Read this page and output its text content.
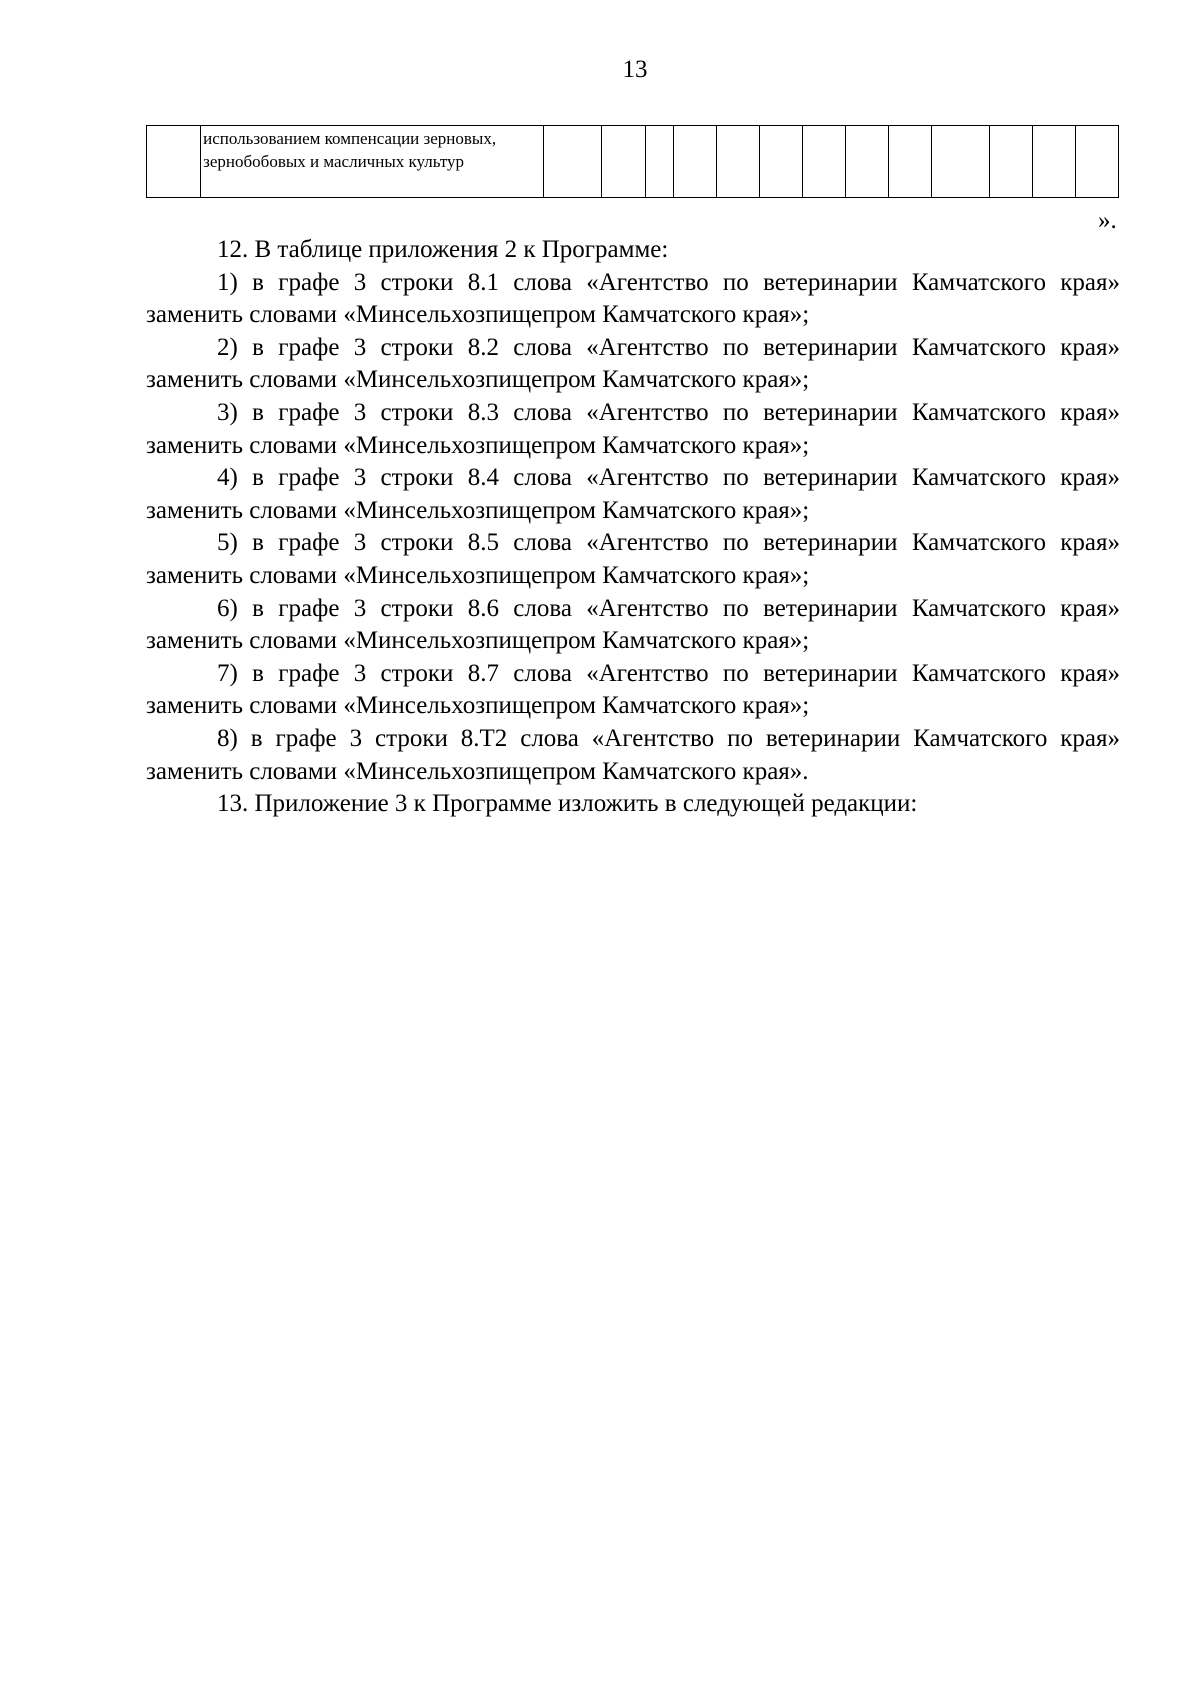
13
	использованием компенсации зерновых, зернобобовых и масличных культур													
».

12. В таблице приложения 2 к Программе:

1) в графе 3 строки 8.1 слова «Агентство по ветеринарии Камчатского края» заменить словами «Минсельхозпищепром Камчатского края»;

2) в графе 3 строки 8.2 слова «Агентство по ветеринарии Камчатского края» заменить словами «Минсельхозпищепром Камчатского края»;

3) в графе 3 строки 8.3 слова «Агентство по ветеринарии Камчатского края» заменить словами «Минсельхозпищепром Камчатского края»;

4) в графе 3 строки 8.4 слова «Агентство по ветеринарии Камчатского края» заменить словами «Минсельхозпищепром Камчатского края»;

5) в графе 3 строки 8.5 слова «Агентство по ветеринарии Камчатского края» заменить словами «Минсельхозпищепром Камчатского края»;

6) в графе 3 строки 8.6 слова «Агентство по ветеринарии Камчатского края» заменить словами «Минсельхозпищепром Камчатского края»;

7) в графе 3 строки 8.7 слова «Агентство по ветеринарии Камчатского края» заменить словами «Минсельхозпищепром Камчатского края»;

8) в графе 3 строки 8.Т2 слова «Агентство по ветеринарии Камчатского края» заменить словами «Минсельхозпищепром Камчатского края».

13. Приложение 3 к Программе изложить в следующей редакции:
